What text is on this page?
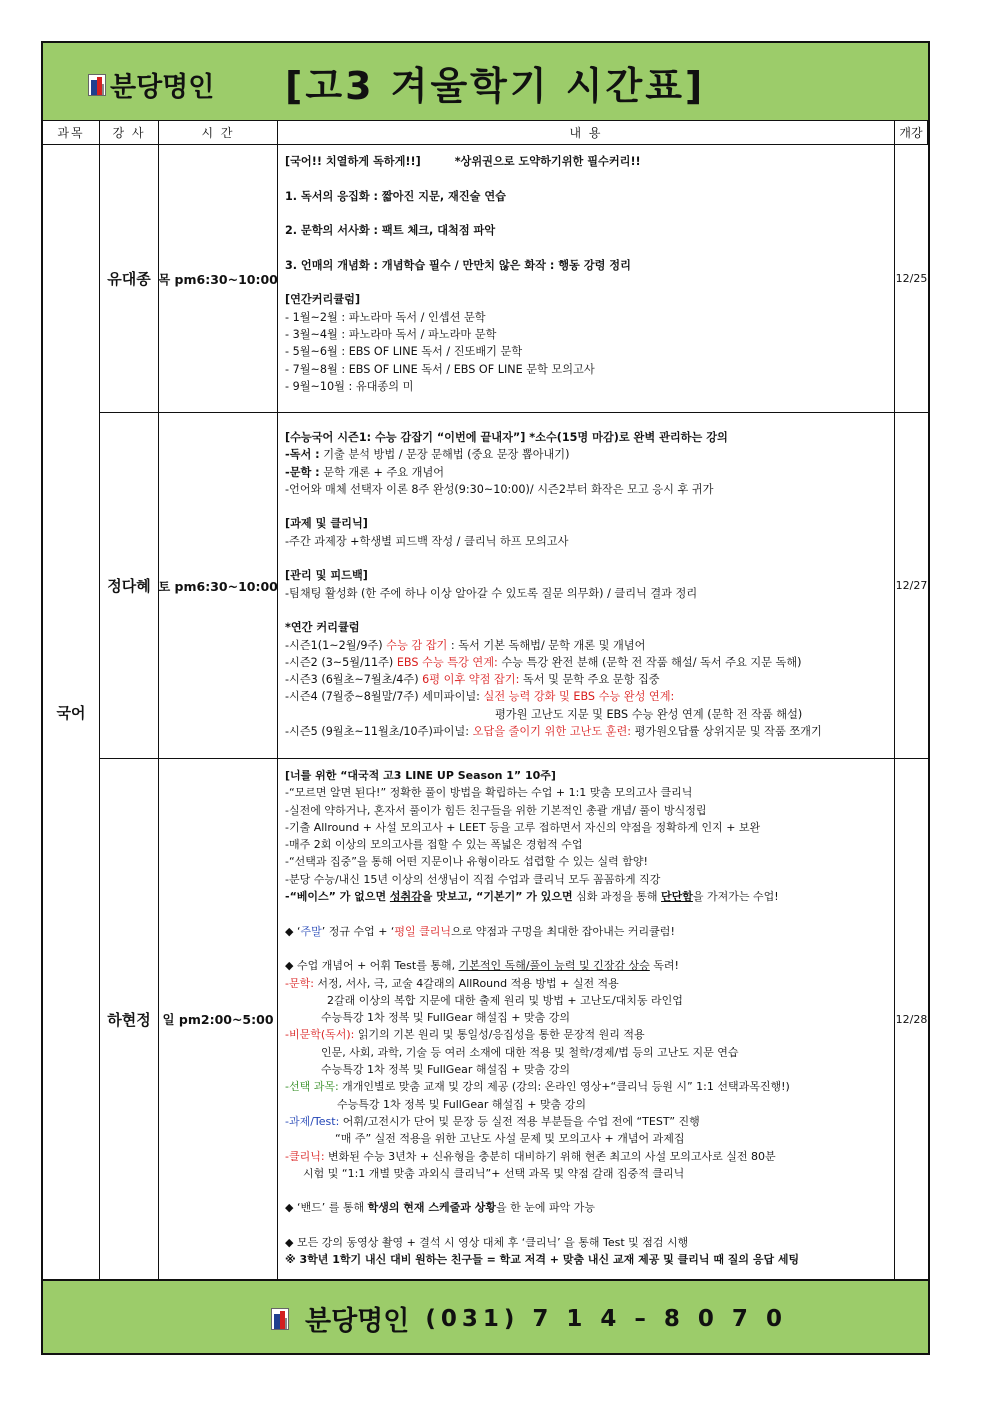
분당명인 [고3 겨울학기 시간표]
과목	강 사	시 간	내 용	개강
국어
유대종 목 pm6:30~10:00
[국어!! 치열하게 독하게!!]	*상위권으로 도약하기위한 필수커리!!
1. 독서의 응집화 : 짧아진 지문, 재진술 연습
2. 문학의 서사화 : 팩트 체크, 대척점 파악
3. 언매의 개념화 : 개념학습 필수 / 만만치 않은 화작 : 행동 강령 정리
[연간커리큘럼]
- 1월~2월 : 파노라마 독서 / 인셉션 문학
- 3월~4월 : 파노라마 독서 / 파노라마 문학
- 5월~6월 : EBS OF LINE 독서 / 진또배기 문학
- 7월~8월 : EBS OF LINE 독서 / EBS OF LINE 문학 모의고사
- 9월~10월 : 유대종의 미
12/25
정다혜 토 pm6:30~10:00
[수능국어 시즌1: 수능 감잡기 “이번에 끝내자”] *소수(15명 마감)로 완벽 관리하는 강의
-독서 : 기출 분석 방법 / 문장 문해법 (중요 문장 뽑아내기)
-문학 : 문학 개론 + 주요 개념어
-언어와 매체 선택자 이론 8주 완성(9:30~10:00)/ 시즌2부터 화작은 모고 응시 후 귀가
[과제 및 클리닉]
-주간 과제장 +학생별 피드백 작성 / 클리닉 하프 모의고사
[관리 및 피드백]
-팀채팅 활성화 (한 주에 하나 이상 알아갈 수 있도록 질문 의무화) / 클리닉 결과 정리
*연간 커리큘럼
-시즌1(1~2월/9주) 수능 감 잡기 : 독서 기본 독해법/ 문학 개론 및 개념어
-시즌2 (3~5월/11주) EBS 수능 특강 연계: 수능 특강 완전 분해 (문학 전 작품 해설/ 독서 주요 지문 독해)
-시즌3 (6월초~7월초/4주) 6평 이후 약점 잡기: 독서 및 문학 주요 문항 집중
-시즌4 (7월중~8월말/7주) 세미파이널: 실전 능력 강화 및 EBS 수능 완성 연계:
평가원 고난도 지문 및 EBS 수능 완성 연계 (문학 전 작품 해설)
-시즌5 (9월초~11월초/10주)파이널: 오답을 줄이기 위한 고난도 훈련: 평가원오답률 상위지문 및 작품 쪼개기
12/27
하현정 일 pm2:00~5:00
[너를 위한 “대국적 고3 LINE UP Season 1” 10주]
-“모르면 알면 된다!” 정확한 풀이 방법을 확립하는 수업 + 1:1 맞춤 모의고사 클리닉
-실전에 약하거나, 혼자서 풀이가 힘든 친구들을 위한 기본적인 총괄 개념/ 풀이 방식정립
-기출 Allround + 사설 모의고사 + LEET 등을 고루 접하면서 자신의 약점을 정확하게 인지 + 보완
-매주 2회 이상의 모의고사를 접할 수 있는 폭넓은 경험적 수업
-“선택과 집중”을 통해 어떤 지문이나 유형이라도 섭렵할 수 있는 실력 함양!
-분당 수능/내신 15년 이상의 선생님이 직접 수업과 클리닉 모두 꼼꼼하게 직강
-“베이스” 가 없으면 성취감을 맛보고, “기본기” 가 있으면 심화 과정을 통해 단단함을 가져가는 수업!
◆ ‘주말’ 정규 수업 + ‘평일 클리닉으로 약점과 구멍을 최대한 잡아내는 커리큘럼!
◆ 수업 개념어 + 어휘 Test를 통해, 기본적인 독해/풀이 능력 및 긴장감 상승 독려!
-문학: 서정, 서사, 극, 교술 4갈래의 AllRound 적용 방법 + 실전 적용
2갈래 이상의 복합 지문에 대한 출제 원리 및 방법 + 고난도/대치동 라인업
수능특강 1차 정복 및 FullGear 해설집 + 맞춤 강의
-비문학(독서): 읽기의 기본 원리 및 통일성/응집성을 통한 문장적 원리 적용
인문, 사회, 과학, 기술 등 여러 소재에 대한 적용 및 철학/경제/법 등의 고난도 지문 연습
수능특강 1차 정복 및 FullGear 해설집 + 맞춤 강의
-선택 과목: 개개인별로 맞춤 교재 및 강의 제공 (강의: 온라인 영상+“클리닉 등원 시” 1:1 선택과목진행!)
수능특강 1차 정복 및 FullGear 해설집 + 맞춤 강의
-과제/Test: 어휘/고전시가 단어 및 문장 등 실전 적용 부분들을 수업 전에 “TEST” 진행
“매 주” 실전 적용을 위한 고난도 사설 문제 및 모의고사 + 개념어 과제집
-클리닉: 변화된 수능 3년차 + 신유형을 충분히 대비하기 위해 현존 최고의 사설 모의고사로 실전 80분
시험 및 “1:1 개별 맞춤 과외식 클리닉”+ 선택 과목 및 약점 갈래 집중적 클리닉
◆ ‘밴드’ 를 통해 학생의 현재 스케줄과 상황을 한 눈에 파악 가능
◆ 모든 강의 동영상 촬영 + 결석 시 영상 대체 후 ‘클리닉’ 을 통해 Test 및 점검 시행
※ 3학년 1학기 내신 대비 원하는 친구들 = 학교 저격 + 맞춤 내신 교재 제공 및 클리닉 때 질의 응답 세팅
12/28
분당명인 (031) 7 1 4 – 8 0 7 0
